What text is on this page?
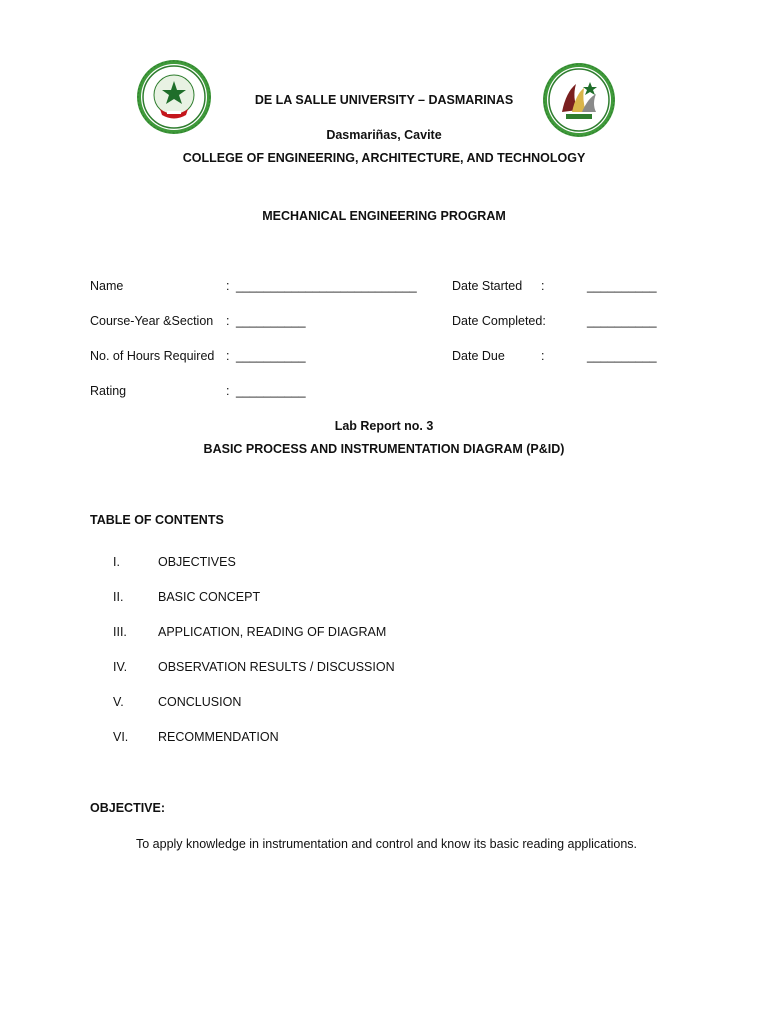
DE LA SALLE UNIVERSITY – DASMARINAS
Dasmariñas, Cavite
COLLEGE OF ENGINEERING, ARCHITECTURE, AND TECHNOLOGY
MECHANICAL ENGINEERING PROGRAM
Name	: __________________________
Course-Year &Section : __________
No. of Hours Required : __________
Rating	: __________
Date Started :	__________
Date Completed:	__________
Date Due	:	__________
Lab Report no. 3
BASIC PROCESS AND INSTRUMENTATION DIAGRAM (P&ID)
TABLE OF CONTENTS
I.	OBJECTIVES
II.	BASIC CONCEPT
III. APPLICATION, READING OF DIAGRAM
IV. OBSERVATION RESULTS / DISCUSSION
V.	CONCLUSION
VI. RECOMMENDATION
OBJECTIVE:
To apply knowledge in instrumentation and control and know its basic reading applications.
